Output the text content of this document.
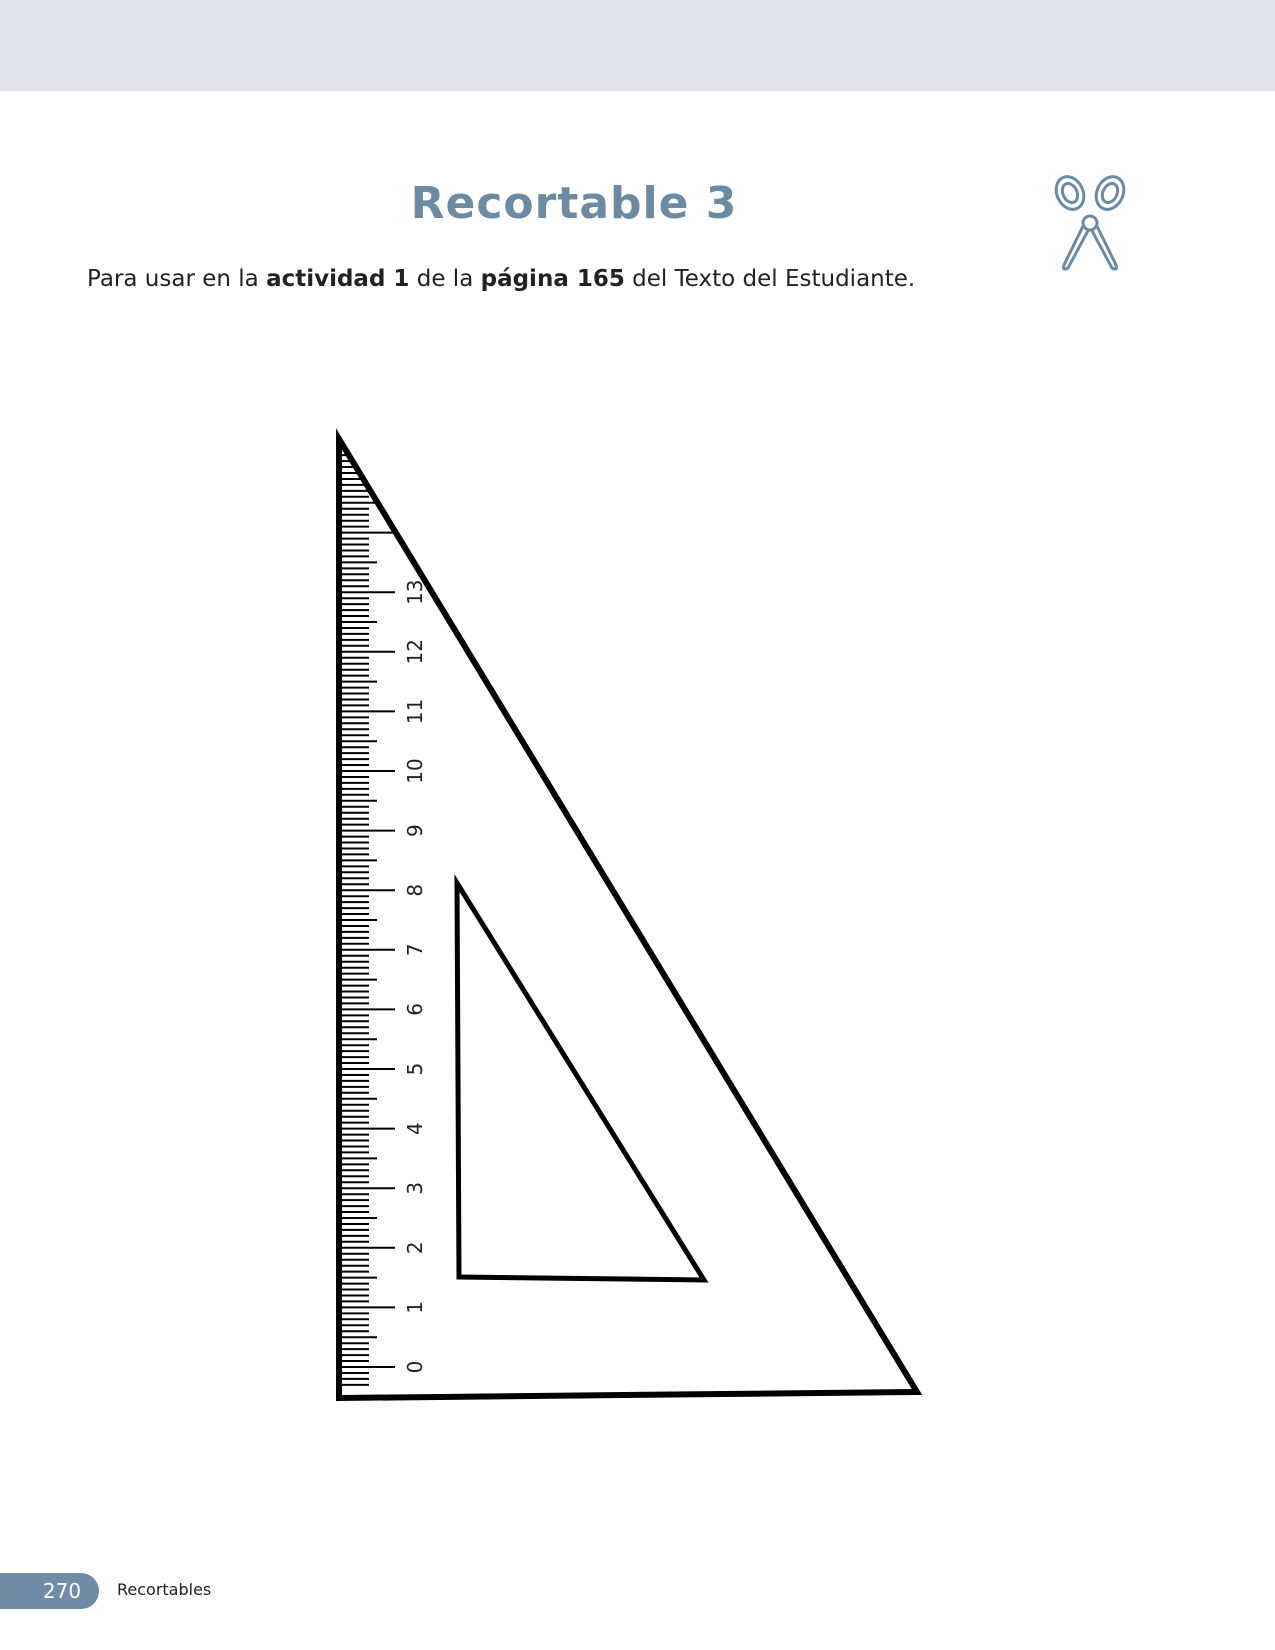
Recortable 3
Para usar en la actividad 1 de la página 165 del Texto del Estudiante.
0
1
2
3
4
5
6
7
8
9
10
11
12
13
270	Recortables
